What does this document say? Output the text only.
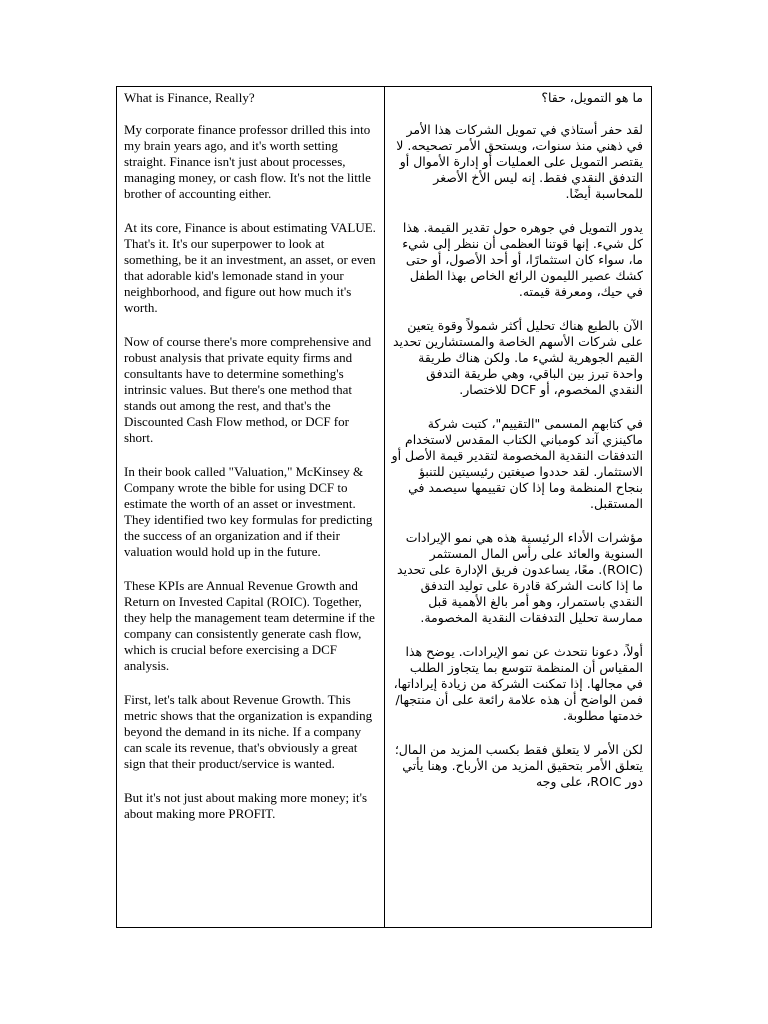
What is Finance, Really?

My corporate finance professor drilled this into my brain years ago, and it's worth setting straight. Finance isn't just about processes, managing money, or cash flow. It's not the little brother of accounting either.

At its core, Finance is about estimating VALUE. That's it. It's our superpower to look at something, be it an investment, an asset, or even that adorable kid's lemonade stand in your neighborhood, and figure out how much it's worth.

Now of course there's more comprehensive and robust analysis that private equity firms and consultants have to determine something's intrinsic values. But there's one method that stands out among the rest, and that's the Discounted Cash Flow method, or DCF for short.

In their book called "Valuation," McKinsey & Company wrote the bible for using DCF to estimate the worth of an asset or investment. They identified two key formulas for predicting the success of an organization and if their valuation would hold up in the future.

These KPIs are Annual Revenue Growth and Return on Invested Capital (ROIC). Together, they help the management team determine if the company can consistently generate cash flow, which is crucial before exercising a DCF analysis.

First, let's talk about Revenue Growth. This metric shows that the organization is expanding beyond the demand in its niche. If a company can scale its revenue, that's obviously a great sign that their product/service is wanted.

But it's not just about making more money; it's about making more PROFIT.

ما هو التمويل، حقا؟

لقد حفر أستاذي في تمويل الشركات هذا الأمر في ذهني منذ سنوات، ويستحق الأمر تصحيحه. لا يقتصر التمويل على العمليات أو إدارة الأموال أو التدفق النقدي فقط. إنه ليس الأخ الأصغر للمحاسبة أيضًا.

يدور التمويل في جوهره حول تقدير القيمة. هذا كل شيء. إنها قوتنا العظمى أن ننظر إلى شيء ما، سواء كان استثمارًا، أو أحد الأصول، أو حتى كشك عصير الليمون الرائع الخاص بهذا الطفل في حيك، ومعرفة قيمته.

الآن بالطبع هناك تحليل أكثر شمولاً وقوة يتعين على شركات الأسهم الخاصة والمستشارين تحديد القيم الجوهرية لشيء ما. ولكن هناك طريقة واحدة تبرز بين الباقي، وهي طريقة التدفق النقدي المخصوم، أو DCF للاختصار.

في كتابهم المسمى "التقييم"، كتبت شركة ماكينزي آند كومباني الكتاب المقدس لاستخدام التدفقات النقدية المخصومة لتقدير قيمة الأصل أو الاستثمار. لقد حددوا صيغتين رئيسيتين للتنبؤ بنجاح المنظمة وما إذا كان تقييمها سيصمد في المستقبل.

مؤشرات الأداء الرئيسية هذه هي نمو الإيرادات السنوية والعائد على رأس المال المستثمر (ROIC). معًا، يساعدون فريق الإدارة على تحديد ما إذا كانت الشركة قادرة على توليد التدفق النقدي باستمرار، وهو أمر بالغ الأهمية قبل ممارسة تحليل التدفقات النقدية المخصومة.

أولاً، دعونا نتحدث عن نمو الإيرادات. يوضح هذا المقياس أن المنظمة تتوسع بما يتجاوز الطلب في مجالها. إذا تمكنت الشركة من زيادة إيراداتها، فمن الواضح أن هذه علامة رائعة على أن منتجها/خدمتها مطلوبة.

لكن الأمر لا يتعلق فقط بكسب المزيد من المال؛ يتعلق الأمر بتحقيق المزيد من الأرباح. وهنا يأتي دور ROIC، على وجه
